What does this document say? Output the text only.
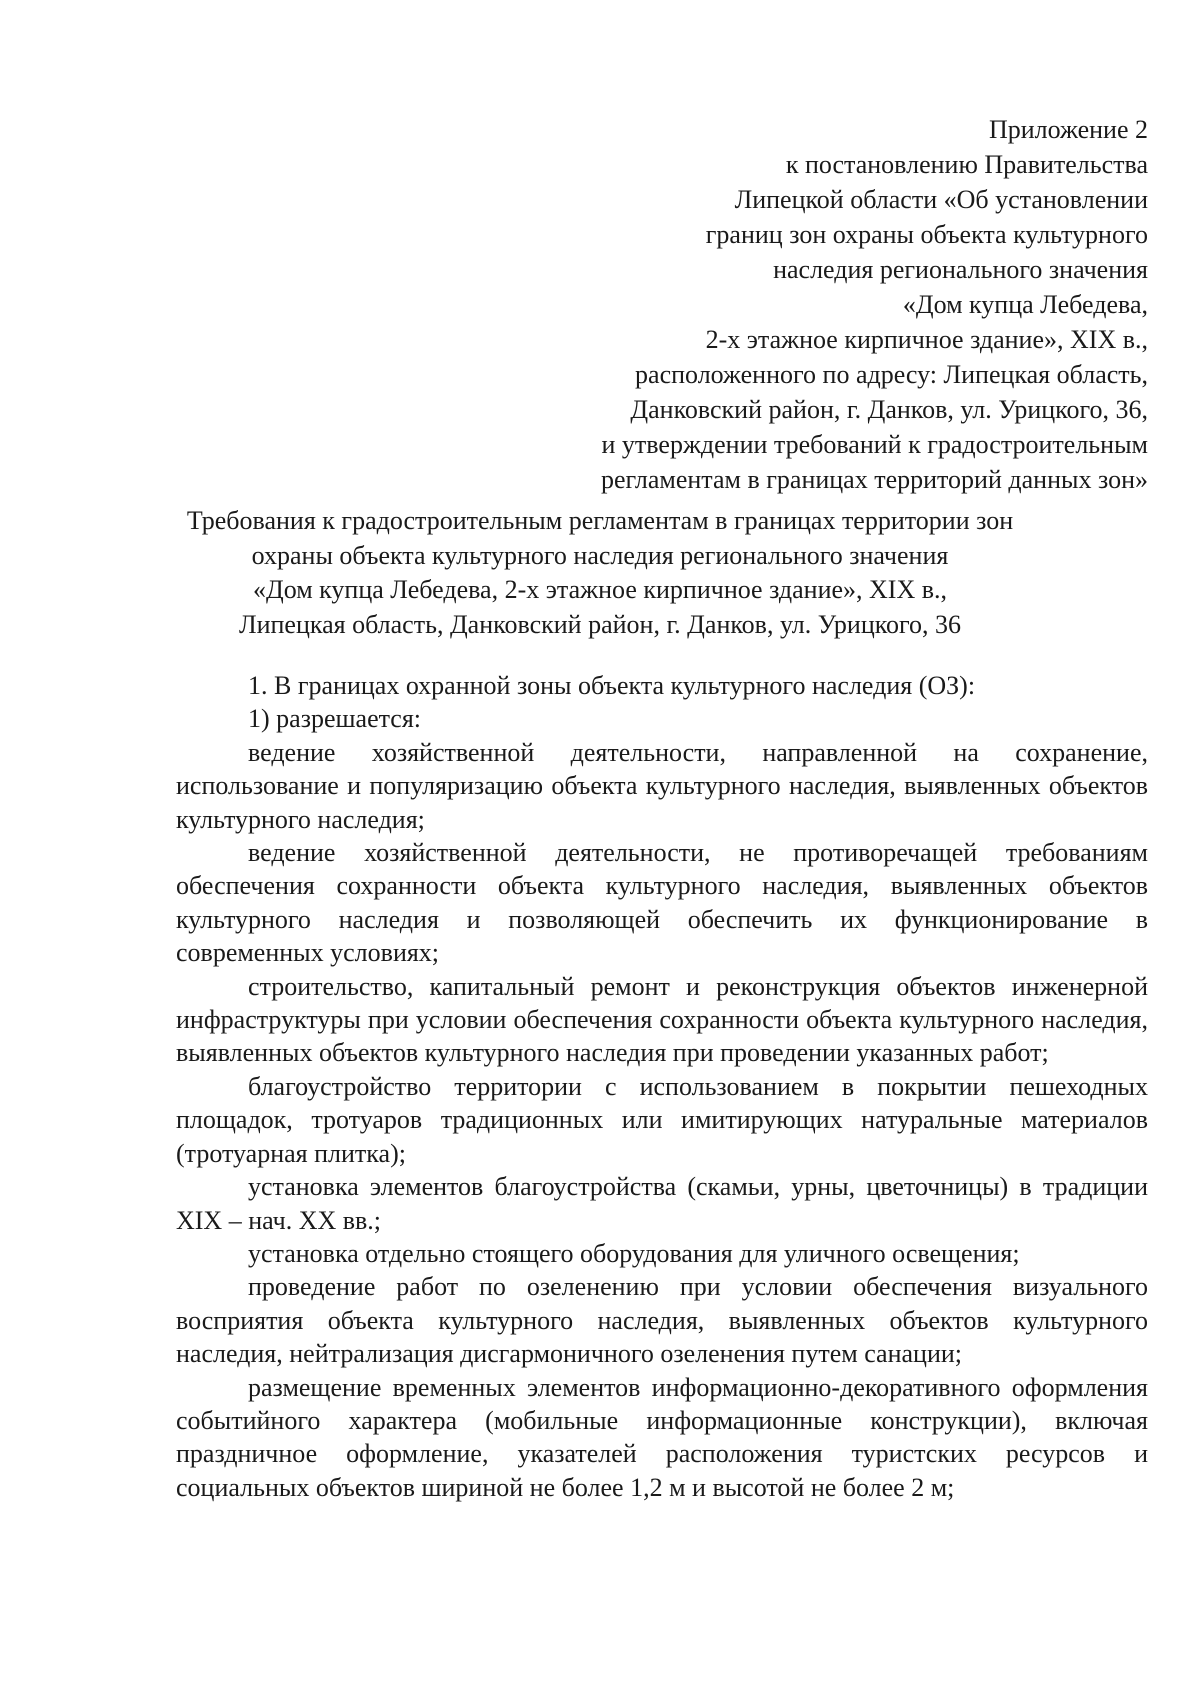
Приложение 2
к постановлению Правительства
Липецкой области «Об установлении
границ зон охраны объекта культурного
наследия регионального значения
«Дом купца Лебедева,
2-х этажное кирпичное здание», XIX в.,
расположенного по адресу: Липецкая область,
Данковский район, г. Данков, ул. Урицкого, 36,
и утверждении требований к градостроительным
регламентам в границах территорий данных зон»
Требования к градостроительным регламентам в границах территории зон
охраны объекта культурного наследия регионального значения
«Дом купца Лебедева, 2-х этажное кирпичное здание», XIX в.,
Липецкая область, Данковский район, г. Данков, ул. Урицкого, 36
1. В границах охранной зоны объекта культурного наследия (ОЗ):
1) разрешается:

ведение хозяйственной деятельности, направленной на сохранение, использование и популяризацию объекта культурного наследия, выявленных объектов культурного наследия;

ведение хозяйственной деятельности, не противоречащей требованиям обеспечения сохранности объекта культурного наследия, выявленных объектов культурного наследия и позволяющей обеспечить их функционирование в современных условиях;

строительство, капитальный ремонт и реконструкция объектов инженерной инфраструктуры при условии обеспечения сохранности объекта культурного наследия, выявленных объектов культурного наследия при проведении указанных работ;

благоустройство территории с использованием в покрытии пешеходных площадок, тротуаров традиционных или имитирующих натуральные материалов (тротуарная плитка);

установка элементов благоустройства (скамьи, урны, цветочницы) в традиции XIX – нач. XX вв.;

установка отдельно стоящего оборудования для уличного освещения;

проведение работ по озеленению при условии обеспечения визуального восприятия объекта культурного наследия, выявленных объектов культурного наследия, нейтрализация дисгармоничного озеленения путем санации;

размещение временных элементов информационно-декоративного оформления событийного характера (мобильные информационные конструкции), включая праздничное оформление, указателей расположения туристских ресурсов и социальных объектов шириной не более 1,2 м и высотой не более 2 м;
